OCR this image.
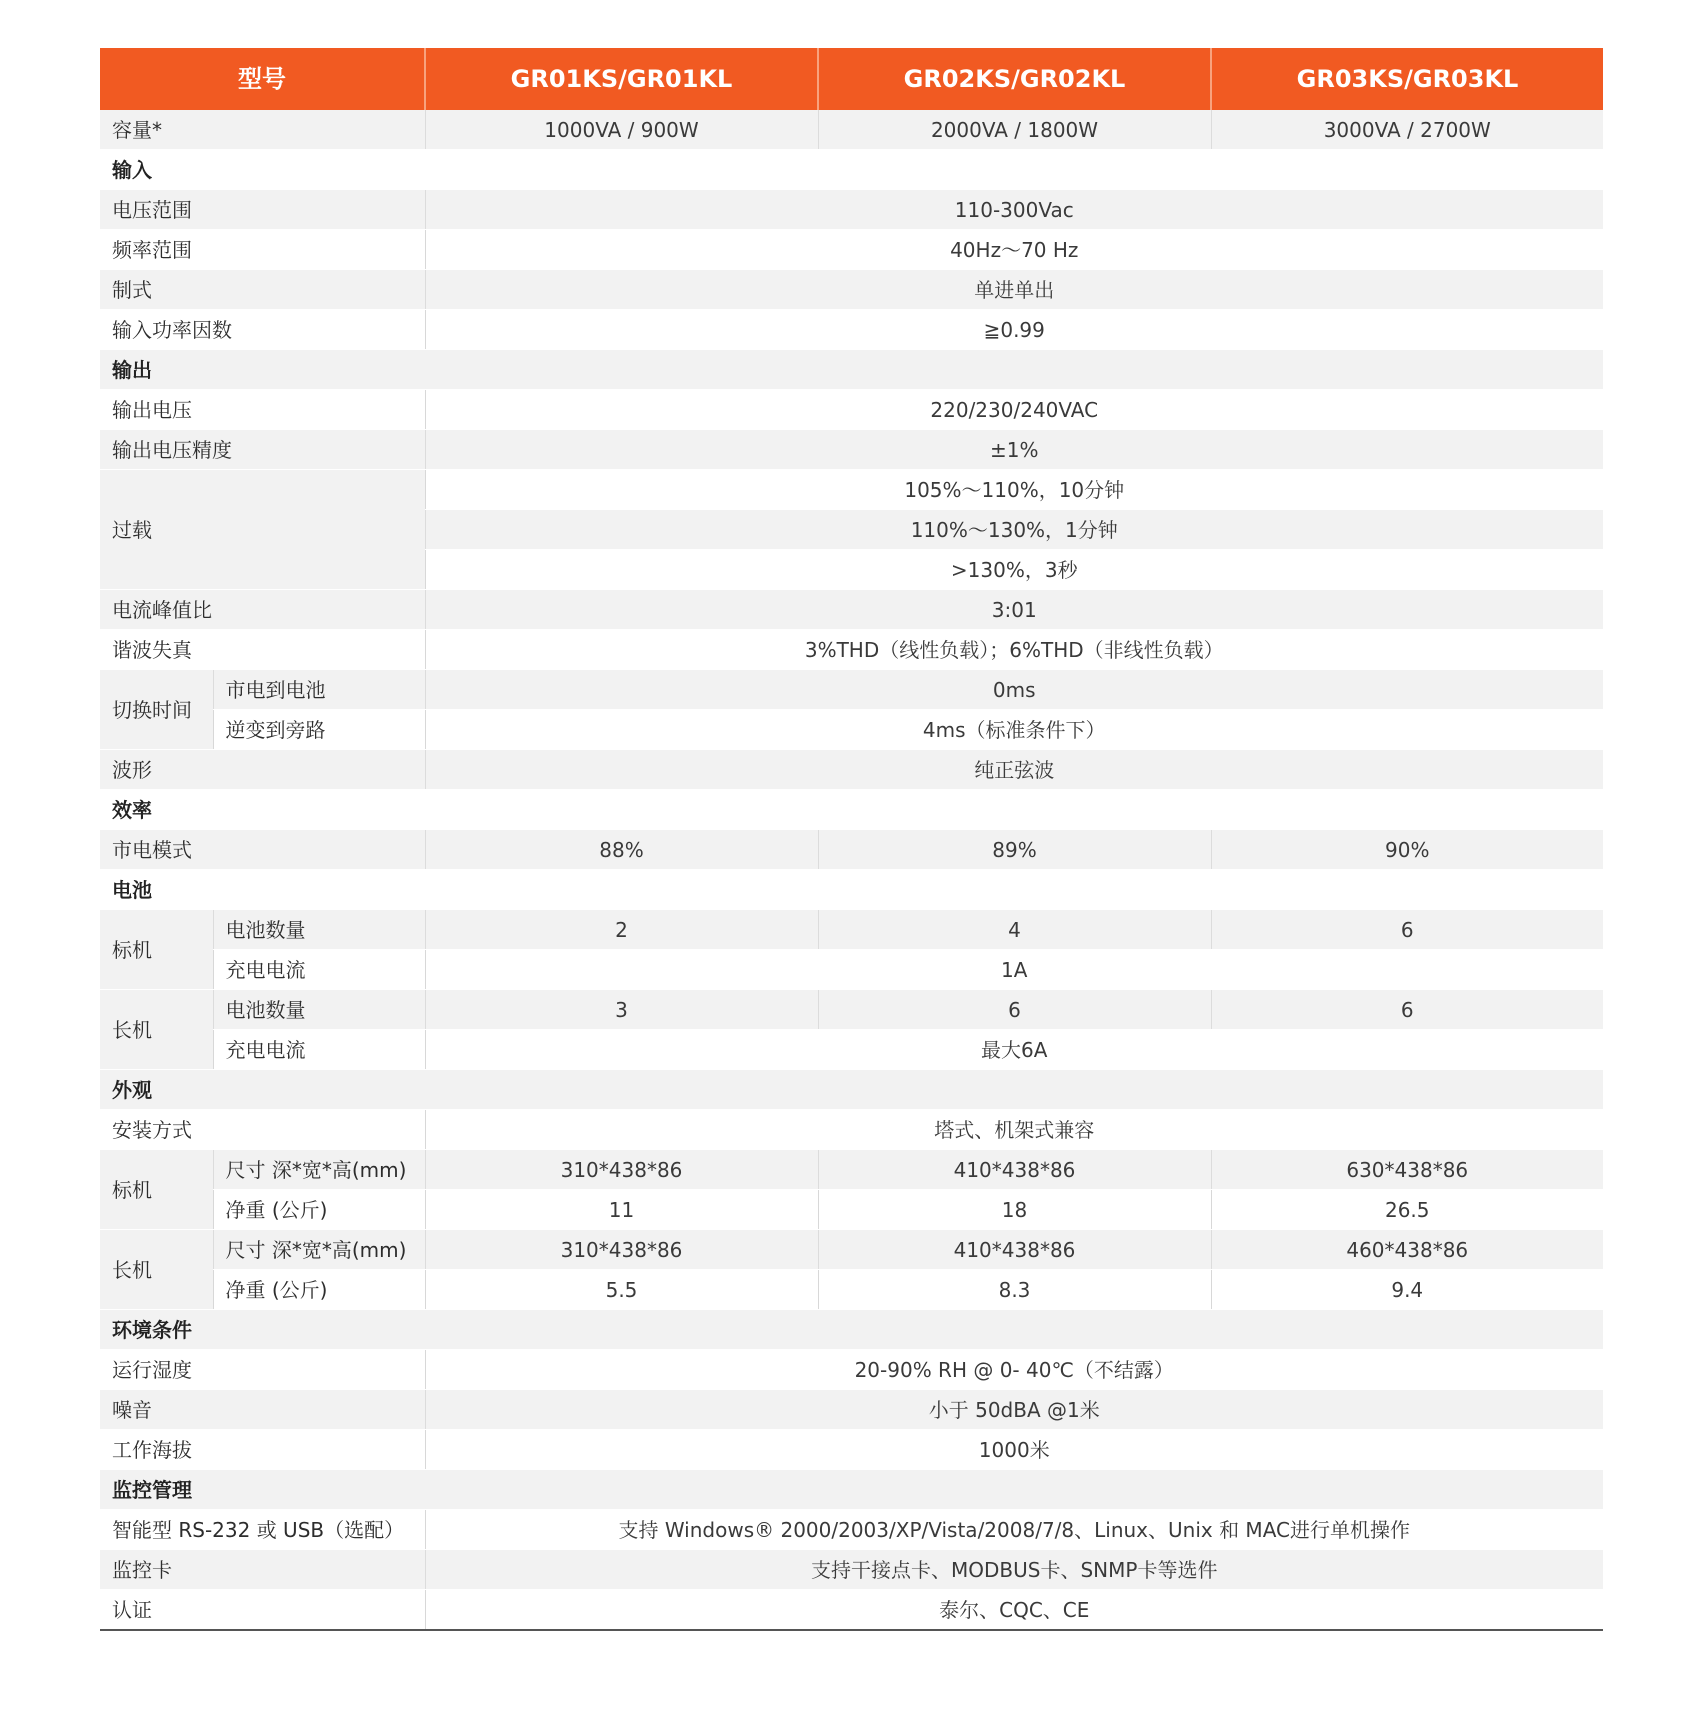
型号		GR01KS/GR01KL	GR02KS/GR02KL	GR03KS/GR03KL
容量*		1000VA / 900W	2000VA / 1800W	3000VA / 2700W
输入				
电压范围		110-300Vac		
频率范围		40Hz～70 Hz		
制式		单进单出		
输入功率因数		≧0.99		
输出				
输出电压		220/230/240VAC		
输出电压精度		±1%		
过载		105%～110%，10分钟		
		110%～130%，1分钟		
		>130%，3秒		
电流峰值比		3:01		
谐波失真		3%THD（线性负载）；6%THD（非线性负载）		
切换时间	市电到电池	0ms		
	逆变到旁路	4ms（标准条件下）		
波形		纯正弦波		
效率				
市电模式		88%	89%	90%
电池				
标机	电池数量	2	4	6
	充电电流	1A		
长机	电池数量	3	6	6
	充电电流	最大6A		
外观				
安装方式		塔式、机架式兼容		
标机	尺寸 深*宽*高(mm)	310*438*86	410*438*86	630*438*86
	净重 (公斤)	11	18	26.5
长机	尺寸 深*宽*高(mm)	310*438*86	410*438*86	460*438*86
	净重 (公斤)	5.5	8.3	9.4
环境条件				
运行湿度		20-90% RH @ 0- 40℃（不结露）		
噪音		小于 50dBA @1米		
工作海拔		1000米		
监控管理				
智能型 RS-232 或 USB（选配）		支持 Windows® 2000/2003/XP/Vista/2008/7/8、Linux、Unix 和 MAC进行单机操作		
监控卡		支持干接点卡、MODBUS卡、SNMP卡等选件		
认证		泰尔、CQC、CE		
